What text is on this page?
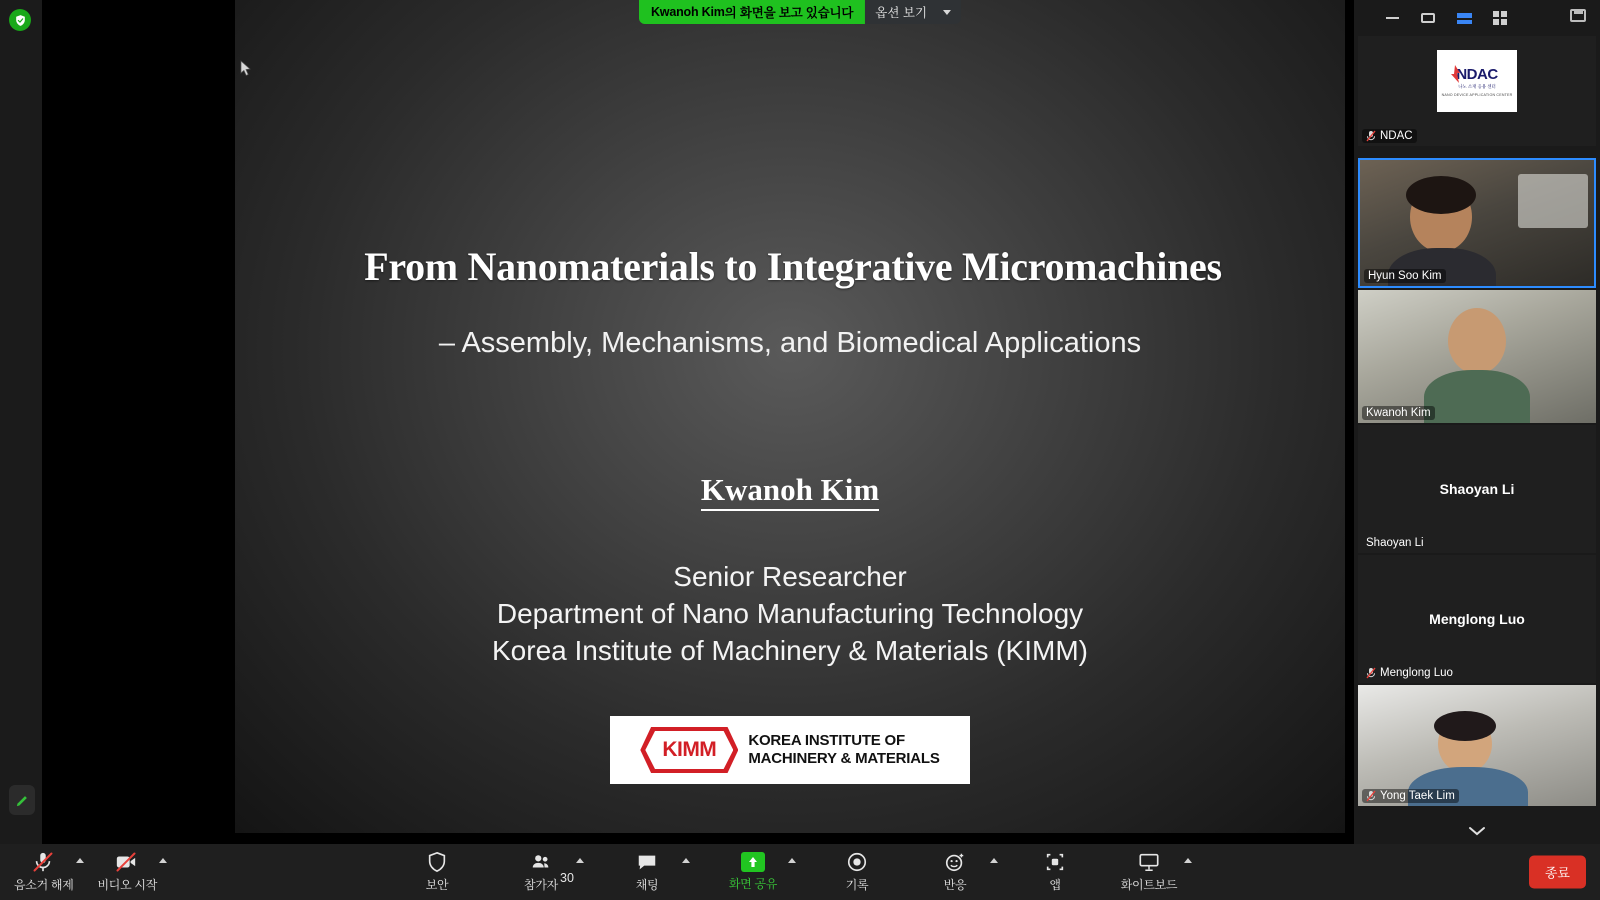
Kwanoh Kim 의 화면을 보고 있습니다 옵션 보기
From Nanomaterials to Integrative Micromachines
– Assembly, Mechanisms, and Biomedical Applications
Kwanoh Kim
Senior Researcher
Department of Nano Manufacturing Technology
Korea Institute of Machinery & Materials (KIMM)
KIMM KOREA INSTITUTE OF
MACHINERY & MATERIALS
NDAC
나노 소재 응용 센터
NANO DEVICE APPLICATION CENTER
NDAC
Hyun Soo Kim
Kwanoh Kim
Shaoyan Li
Shaoyan Li
Menglong Luo
Menglong Luo
Yong Taek Lim
음소거 해제 비디오 시작	보안	30
참가자	채팅	화면 공유	기록	반응	앱	화이트보드
종료
